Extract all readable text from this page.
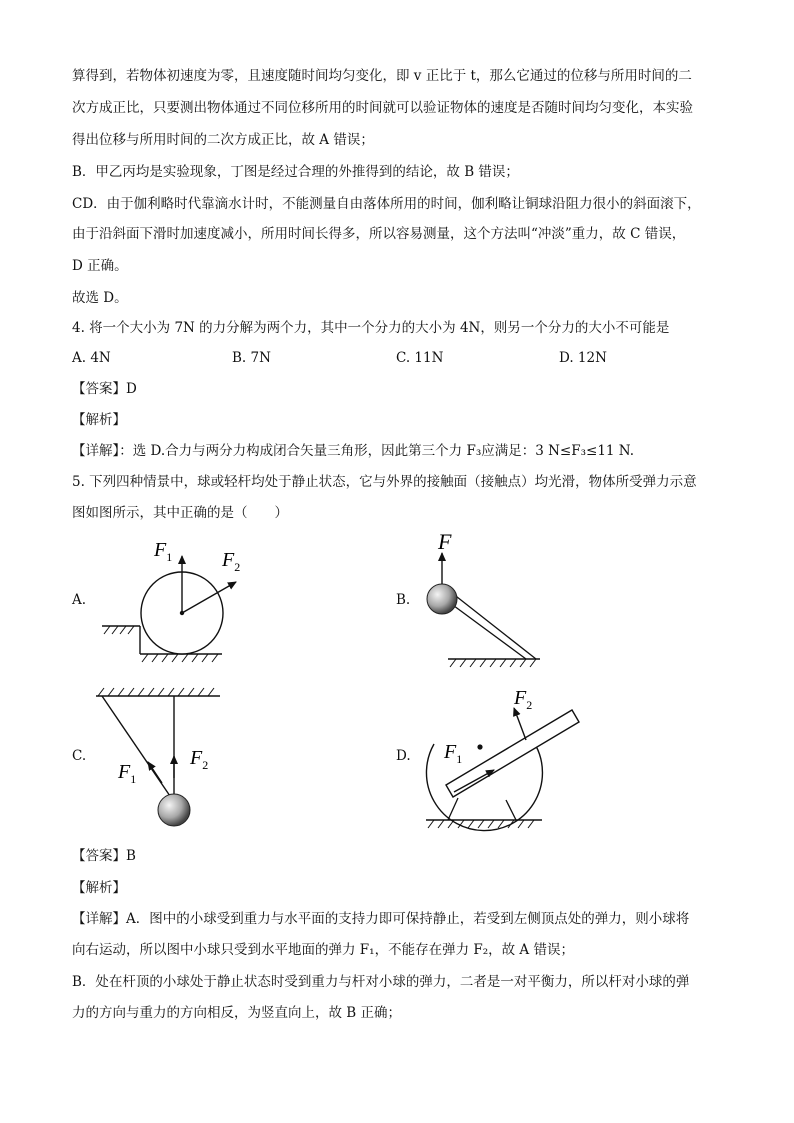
算得到，若物体初速度为零，且速度随时间均匀变化，即 v 正比于 t，那么它通过的位移与所用时间的二
次方成正比，只要测出物体通过不同位移所用的时间就可以验证物体的速度是否随时间均匀变化，本实验
得出位移与所用时间的二次方成正比，故 A 错误；
B．甲乙丙均是实验现象，丁图是经过合理的外推得到的结论，故 B 错误；
CD．由于伽利略时代靠滴水计时，不能测量自由落体所用的时间，伽利略让铜球沿阻力很小的斜面滚下，
由于沿斜面下滑时加速度减小，所用时间长得多，所以容易测量，这个方法叫“冲淡”重力，故 C 错误，
D 正确。
故选 D。
4. 将一个大小为 7N 的力分解为两个力，其中一个分力的大小为 4N，则另一个分力的大小不可能是
A. 4N	B. 7N	C. 11N	D. 12N
【答案】D
【解析】
【详解】：选 D.合力与两分力构成闭合矢量三角形，因此第三个力 F₃应满足：3 N≤F₃≤11 N.
5. 下列四种情景中，球或轻杆均处于静止状态，它与外界的接触面（接触点）均光滑，物体所受弹力示意
图如图所示，其中正确的是（　　）
A.	B.
C.	D.
$F_1$ $F_2$
F
$F_1$
$F_2$
$F_1$
$F_2$
【答案】B
【解析】
【详解】A．图中的小球受到重力与水平面的支持力即可保持静止，若受到左侧顶点处的弹力，则小球将
向右运动，所以图中小球只受到水平地面的弹力 F₁，不能存在弹力 F₂，故 A 错误；
B．处在杆顶的小球处于静止状态时受到重力与杆对小球的弹力，二者是一对平衡力，所以杆对小球的弹
力的方向与重力的方向相反，为竖直向上，故 B 正确；
